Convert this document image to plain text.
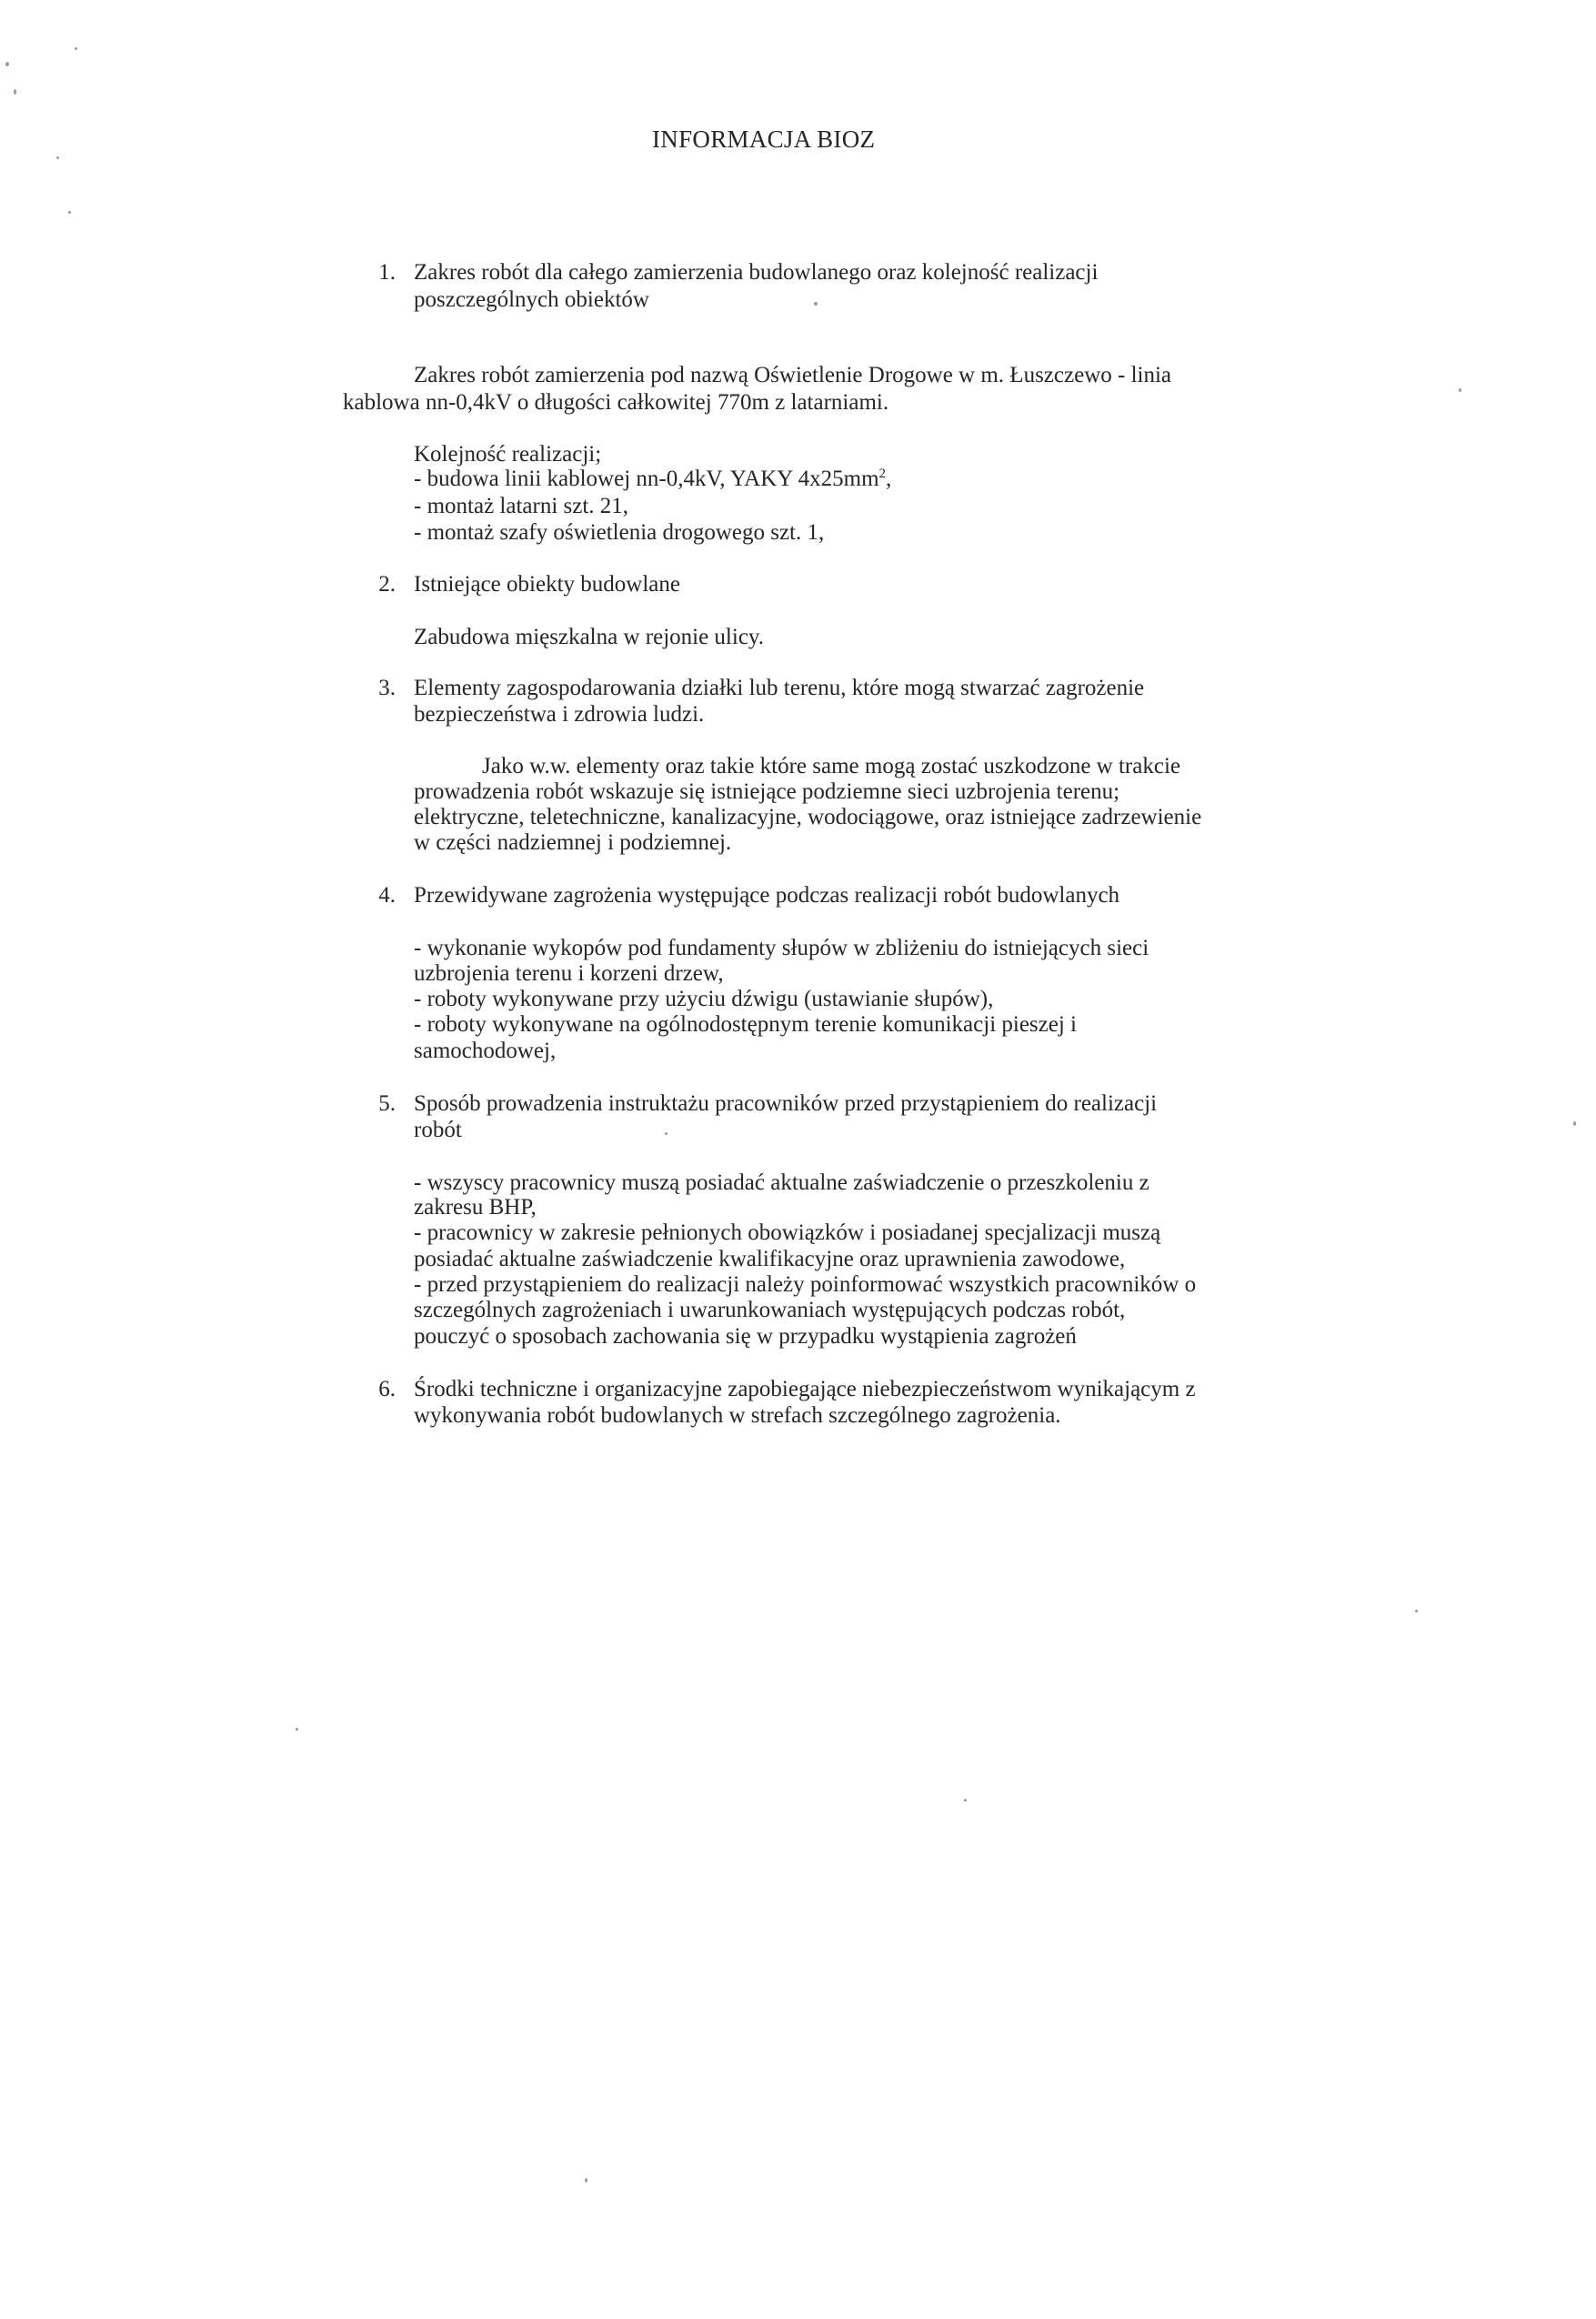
INFORMACJA BIOZ
1. Zakres robót dla całego zamierzenia budowlanego oraz kolejność realizacji
poszczególnych obiektów
Zakres robót zamierzenia pod nazwą Oświetlenie Drogowe w m. Łuszczewo - linia
kablowa nn-0,4kV o długości całkowitej 770m z latarniami.
Kolejność realizacji;
- budowa linii kablowej nn-0,4kV, YAKY $4x25mm^2$,
- montaż latarni szt. 21,
- montaż szafy oświetlenia drogowego szt. 1,
2. Istniejące obiekty budowlane
Zabudowa mięszkalna w rejonie ulicy.
3. Elementy zagospodarowania działki lub terenu, które mogą stwarzać zagrożenie
bezpieczeństwa i zdrowia ludzi.
Jako w.w. elementy oraz takie które same mogą zostać uszkodzone w trakcie
prowadzenia robót wskazuje się istniejące podziemne sieci uzbrojenia terenu;
elektryczne, teletechniczne, kanalizacyjne, wodociągowe, oraz istniejące zadrzewienie
w części nadziemnej i podziemnej.
4. Przewidywane zagrożenia występujące podczas realizacji robót budowlanych
- wykonanie wykopów pod fundamenty słupów w zbliżeniu do istniejących sieci
uzbrojenia terenu i korzeni drzew,
- roboty wykonywane przy użyciu dźwigu (ustawianie słupów),
- roboty wykonywane na ogólnodostępnym terenie komunikacji pieszej i
samochodowej,
5. Sposób prowadzenia instruktażu pracowników przed przystąpieniem do realizacji
robót
- wszyscy pracownicy muszą posiadać aktualne zaświadczenie o przeszkoleniu z
zakresu BHP,
- pracownicy w zakresie pełnionych obowiązków i posiadanej specjalizacji muszą
posiadać aktualne zaświadczenie kwalifikacyjne oraz uprawnienia zawodowe,
- przed przystąpieniem do realizacji należy poinformować wszystkich pracowników o
szczególnych zagrożeniach i uwarunkowaniach występujących podczas robót,
pouczyć o sposobach zachowania się w przypadku wystąpienia zagrożeń
6. Środki techniczne i organizacyjne zapobiegające niebezpieczeństwom wynikającym z
wykonywania robót budowlanych w strefach szczególnego zagrożenia.
